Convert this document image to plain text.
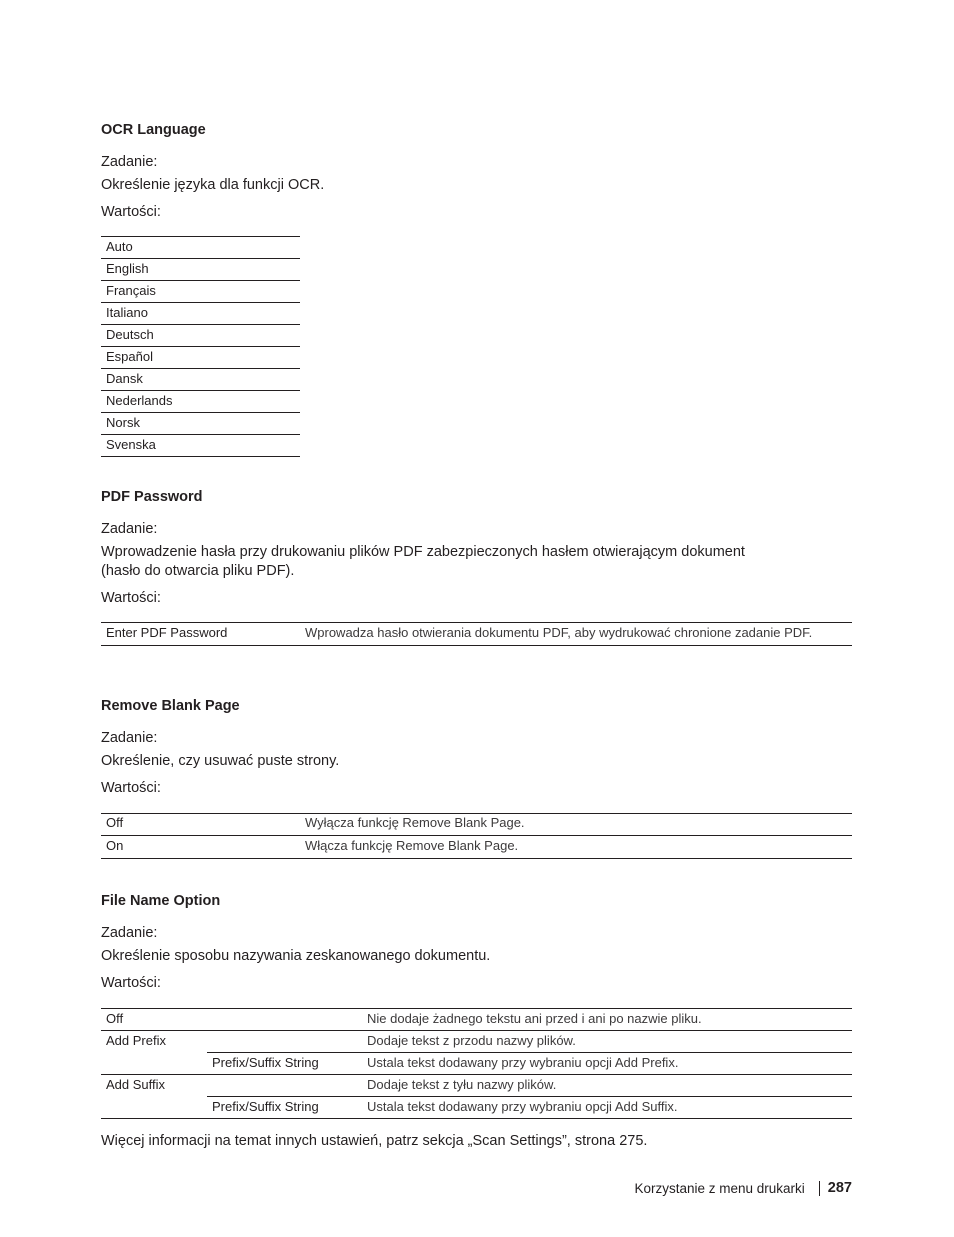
OCR Language

Zadanie:

Określenie języka dla funkcji OCR.

Wartości:

Auto
English
Français
Italiano
Deutsch
Español
Dansk
Nederlands
Norsk
Svenska

PDF Password

Zadanie:

Wprowadzenie hasła przy drukowaniu plików PDF zabezpieczonych hasłem otwierającym dokument

(hasło do otwarcia pliku PDF).

Wartości:

Enter PDF Password	Wprowadza hasło otwierania dokumentu PDF, aby wydrukować chronione zadanie PDF.

Remove Blank Page

Zadanie:

Określenie, czy usuwać puste strony.

Wartości:

Off	Wyłącza funkcję Remove Blank Page.
On	Włącza funkcję Remove Blank Page.

File Name Option

Zadanie:

Określenie sposobu nazywania zeskanowanego dokumentu.

Wartości:

Off		Nie dodaje żadnego tekstu ani przed i ani po nazwie pliku.
Add Prefix		Dodaje tekst z przodu nazwy plików.
	Prefix/Suffix String	Ustala tekst dodawany przy wybraniu opcji Add Prefix.
Add Suffix		Dodaje tekst z tyłu nazwy plików.
	Prefix/Suffix String	Ustala tekst dodawany przy wybraniu opcji Add Suffix.

Więcej informacji na temat innych ustawień, patrz sekcja „Scan Settings”, strona 275.

Korzystanie z menu drukarki 287
